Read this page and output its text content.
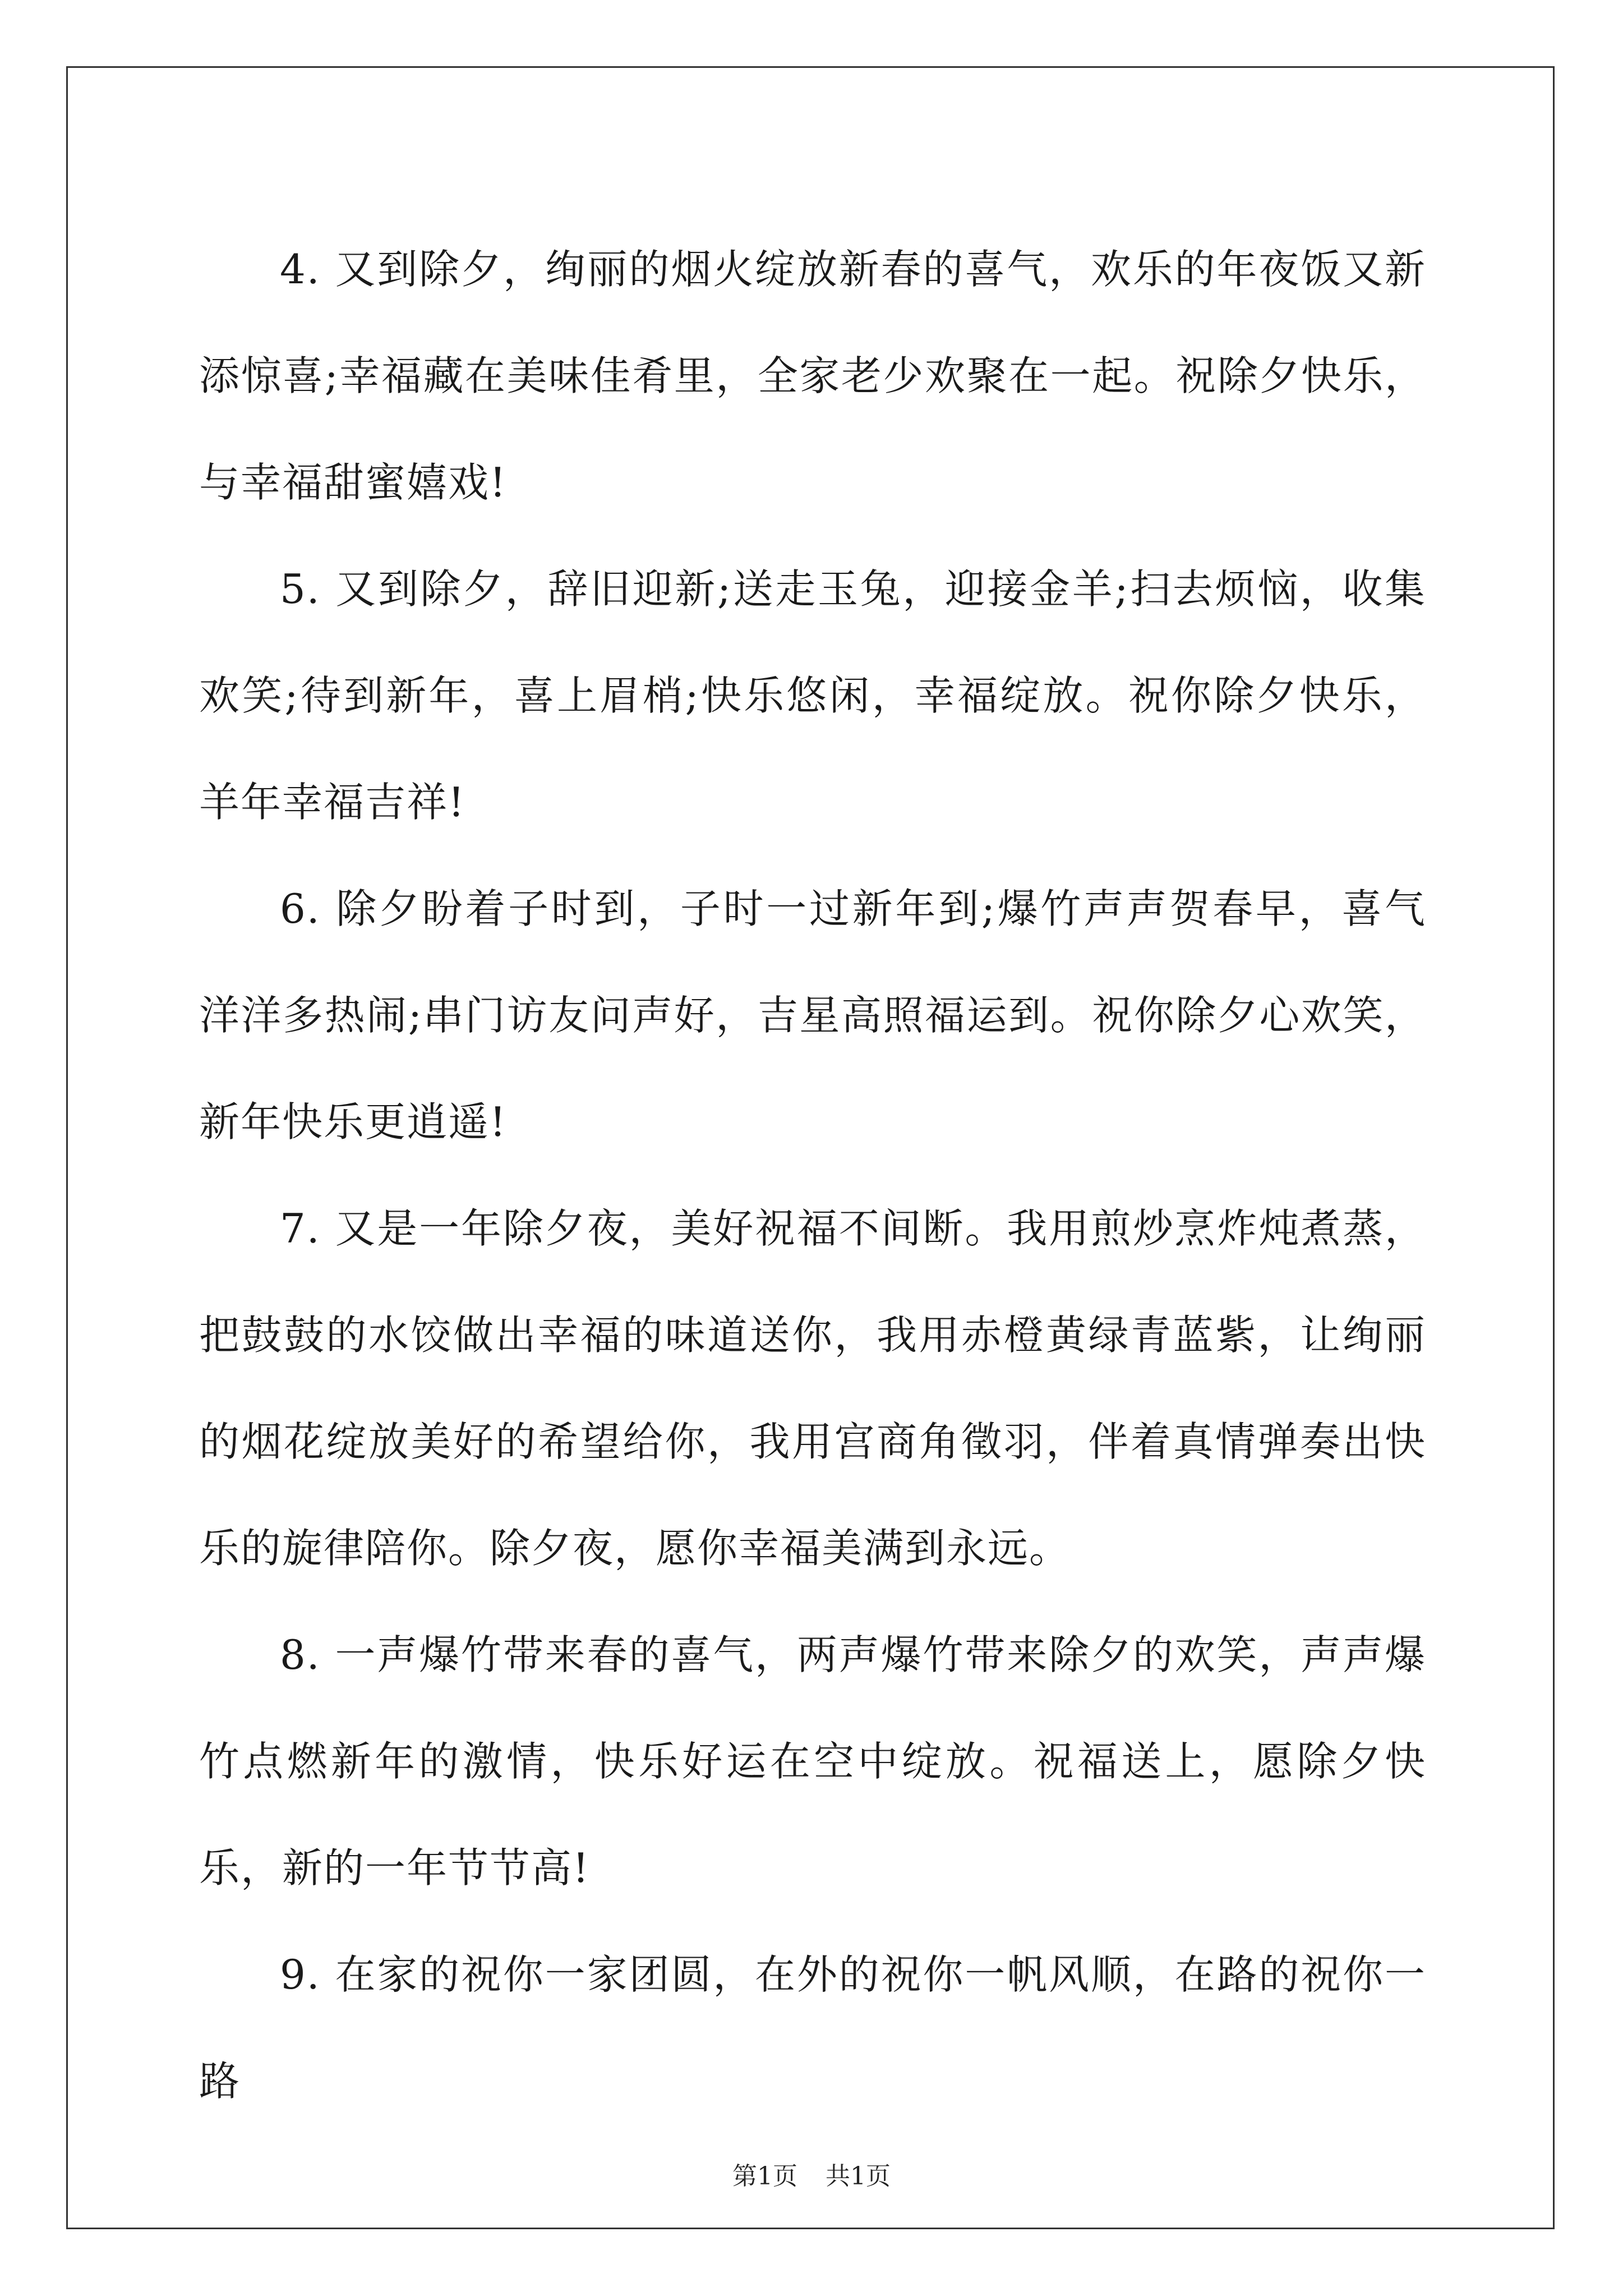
4. 又到除夕，绚丽的烟火绽放新春的喜气，欢乐的年夜饭又新添惊喜;幸福藏在美味佳肴里，全家老少欢聚在一起。祝除夕快乐，与幸福甜蜜嬉戏!

5. 又到除夕，辞旧迎新;送走玉兔，迎接金羊;扫去烦恼，收集欢笑;待到新年，喜上眉梢;快乐悠闲，幸福绽放。祝你除夕快乐，羊年幸福吉祥!

6. 除夕盼着子时到，子时一过新年到;爆竹声声贺春早，喜气洋洋多热闹;串门访友问声好，吉星高照福运到。祝你除夕心欢笑，新年快乐更逍遥!

7. 又是一年除夕夜，美好祝福不间断。我用煎炒烹炸炖煮蒸，把鼓鼓的水饺做出幸福的味道送你，我用赤橙黄绿青蓝紫，让绚丽的烟花绽放美好的希望给你，我用宫商角徵羽，伴着真情弹奏出快乐的旋律陪你。除夕夜，愿你幸福美满到永远。

8. 一声爆竹带来春的喜气，两声爆竹带来除夕的欢笑，声声爆竹点燃新年的激情，快乐好运在空中绽放。祝福送上，愿除夕快乐，新的一年节节高!

9. 在家的祝你一家团圆，在外的祝你一帆风顺，在路的祝你一路

第1页 共1页
